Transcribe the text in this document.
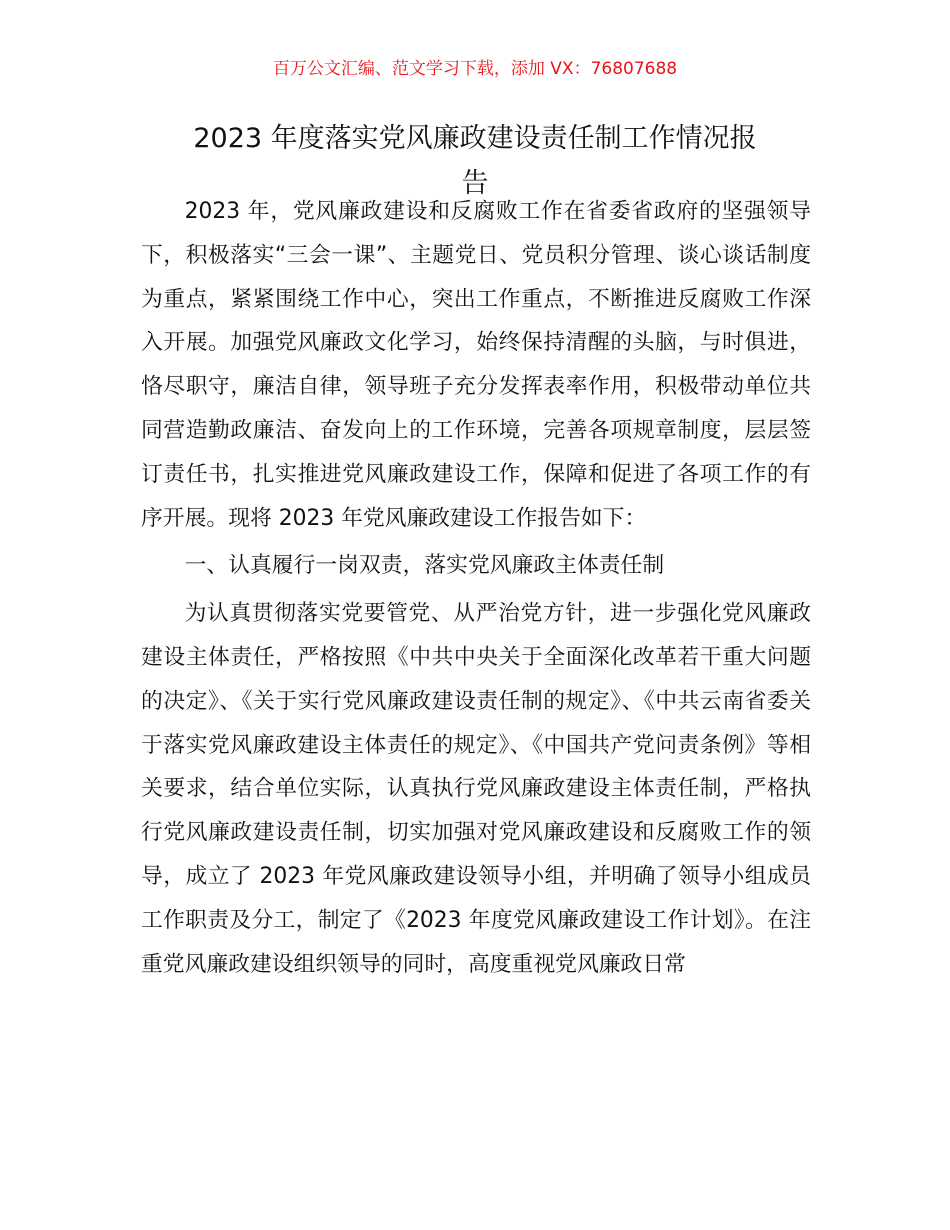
百万公文汇编、范文学习下载，添加 VX：76807688
2023 年度落实党风廉政建设责任制工作情况报
告

2023 年，党风廉政建设和反腐败工作在省委省政府的坚强领导下，积极落实“三会一课”、主题党日、党员积分管理、谈心谈话制度为重点，紧紧围绕工作中心，突出工作重点，不断推进反腐败工作深入开展。加强党风廉政文化学习，始终保持清醒的头脑，与时俱进，恪尽职守，廉洁自律，领导班子充分发挥表率作用，积极带动单位共同营造勤政廉洁、奋发向上的工作环境，完善各项规章制度，层层签订责任书，扎实推进党风廉政建设工作，保障和促进了各项工作的有序开展。现将 2023 年党风廉政建设工作报告如下：

一、认真履行一岗双责，落实党风廉政主体责任制

为认真贯彻落实党要管党、从严治党方针，进一步强化党风廉政建设主体责任，严格按照《中共中央关于全面深化改革若干重大问题的决定》、《关于实行党风廉政建设责任制的规定》、《中共云南省委关于落实党风廉政建设主体责任的规定》、《中国共产党问责条例》等相关要求，结合单位实际，认真执行党风廉政建设主体责任制，严格执行党风廉政建设责任制，切实加强对党风廉政建设和反腐败工作的领导，成立了 2023 年党风廉政建设领导小组，并明确了领导小组成员工作职责及分工，制定了《2023 年度党风廉政建设工作计划》。在注重党风廉政建设组织领导的同时，高度重视党风廉政日常
